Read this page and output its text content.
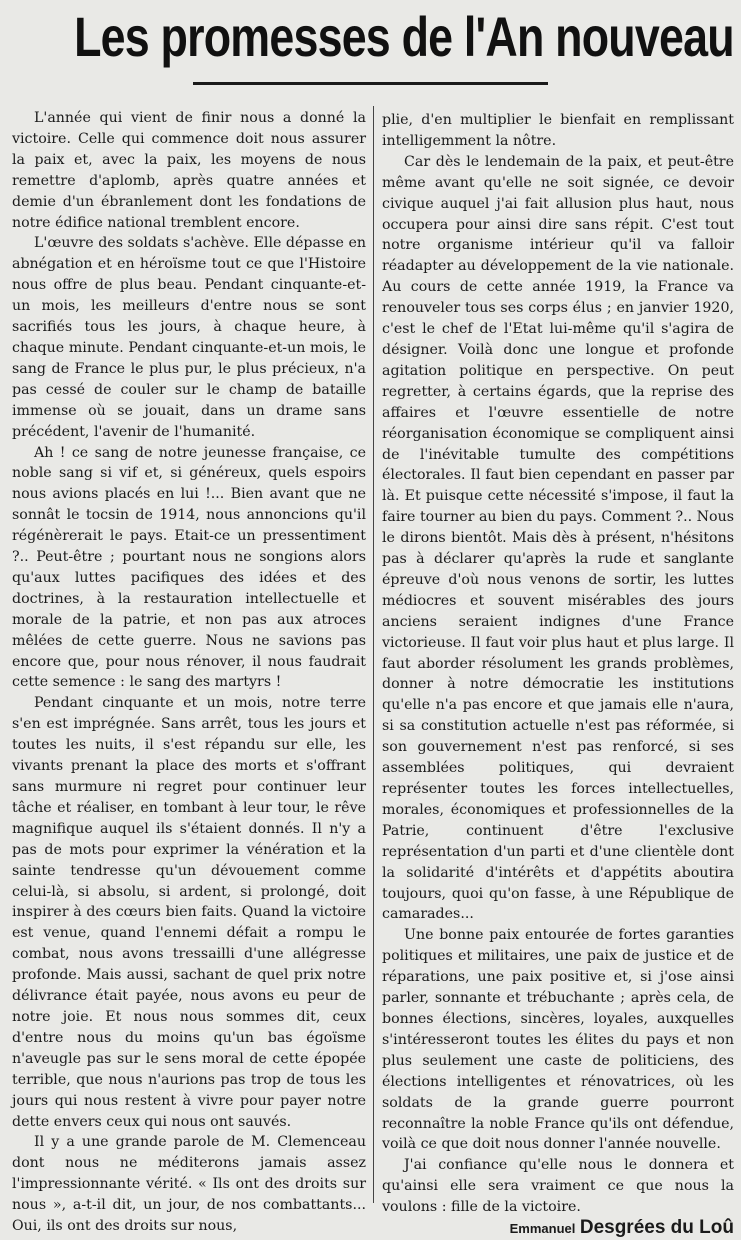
Les promesses de l'An nouveau

L'année qui vient de finir nous a donné la victoire. Celle qui commence doit nous assurer la paix et, avec la paix, les moyens de nous remettre d'aplomb, après quatre années et demie d'un ébranlement dont les fondations de notre édifice national tremblent encore.

L'œuvre des soldats s'achève. Elle dépasse en abnégation et en héroïsme tout ce que l'Histoire nous offre de plus beau. Pendant cinquante-et-un mois, les meilleurs d'entre nous se sont sacrifiés tous les jours, à chaque heure, à chaque minute. Pendant cinquante-et-un mois, le sang de France le plus pur, le plus précieux, n'a pas cessé de couler sur le champ de bataille immense où se jouait, dans un drame sans précédent, l'avenir de l'humanité.

Ah ! ce sang de notre jeunesse française, ce noble sang si vif et, si généreux, quels espoirs nous avions placés en lui !... Bien avant que ne sonnât le tocsin de 1914, nous annoncions qu'il régénèrerait le pays. Etait-ce un pressentiment ?.. Peut-être ; pourtant nous ne songions alors qu'aux luttes pacifiques des idées et des doctrines, à la restauration intellectuelle et morale de la patrie, et non pas aux atroces mêlées de cette guerre. Nous ne savions pas encore que, pour nous rénover, il nous faudrait cette semence : le sang des martyrs !

Pendant cinquante et un mois, notre terre s'en est imprégnée. Sans arrêt, tous les jours et toutes les nuits, il s'est répandu sur elle, les vivants prenant la place des morts et s'offrant sans murmure ni regret pour continuer leur tâche et réaliser, en tombant à leur tour, le rêve magnifique auquel ils s'étaient donnés. Il n'y a pas de mots pour exprimer la vénération et la sainte tendresse qu'un dévouement comme celui-là, si absolu, si ardent, si prolongé, doit inspirer à des cœurs bien faits. Quand la victoire est venue, quand l'ennemi défait a rompu le combat, nous avons tressailli d'une allégresse profonde. Mais aussi, sachant de quel prix notre délivrance était payée, nous avons eu peur de notre joie. Et nous nous sommes dit, ceux d'entre nous du moins qu'un bas égoïsme n'aveugle pas sur le sens moral de cette épopée terrible, que nous n'aurions pas trop de tous les jours qui nous restent à vivre pour payer notre dette envers ceux qui nous ont sauvés.

Il y a une grande parole de M. Clemenceau dont nous ne méditerons jamais assez l'impressionnante vérité. « Ils ont des droits sur nous », a-t-il dit, un jour, de nos combattants... Oui, ils ont des droits sur nous,

plie, d'en multiplier le bienfait en remplissant intelligemment la nôtre.

Car dès le lendemain de la paix, et peut-être même avant qu'elle ne soit signée, ce devoir civique auquel j'ai fait allusion plus haut, nous occupera pour ainsi dire sans répit. C'est tout notre organisme intérieur qu'il va falloir réadapter au développement de la vie nationale. Au cours de cette année 1919, la France va renouveler tous ses corps élus ; en janvier 1920, c'est le chef de l'Etat lui-même qu'il s'agira de désigner. Voilà donc une longue et profonde agitation politique en perspective. On peut regretter, à certains égards, que la reprise des affaires et l'œuvre essentielle de notre réorganisation économique se compliquent ainsi de l'inévitable tumulte des compétitions électorales. Il faut bien cependant en passer par là. Et puisque cette nécessité s'impose, il faut la faire tourner au bien du pays. Comment ?.. Nous le dirons bientôt. Mais dès à présent, n'hésitons pas à déclarer qu'après la rude et sanglante épreuve d'où nous venons de sortir, les luttes médiocres et souvent misérables des jours anciens seraient indignes d'une France victorieuse. Il faut voir plus haut et plus large. Il faut aborder résolument les grands problèmes, donner à notre démocratie les institutions qu'elle n'a pas encore et que jamais elle n'aura, si sa constitution actuelle n'est pas réformée, si son gouvernement n'est pas renforcé, si ses assemblées politiques, qui devraient représenter toutes les forces intellectuelles, morales, économiques et professionnelles de la Patrie, continuent d'être l'exclusive représentation d'un parti et d'une clientèle dont la solidarité d'intérêts et d'appétits aboutira toujours, quoi qu'on fasse, à une République de camarades...

Une bonne paix entourée de fortes garanties politiques et militaires, une paix de justice et de réparations, une paix positive et, si j'ose ainsi parler, sonnante et trébuchante ; après cela, de bonnes élections, sincères, loyales, auxquelles s'intéresseront toutes les élites du pays et non plus seulement une caste de politiciens, des élections intelligentes et rénovatrices, où les soldats de la grande guerre pourront reconnaître la noble France qu'ils ont défendue, voilà ce que doit nous donner l'année nouvelle.

J'ai confiance qu'elle nous le donnera et qu'ainsi elle sera vraiment ce que nous la voulons : fille de la victoire.

Emmanuel Desgrées du Loû
